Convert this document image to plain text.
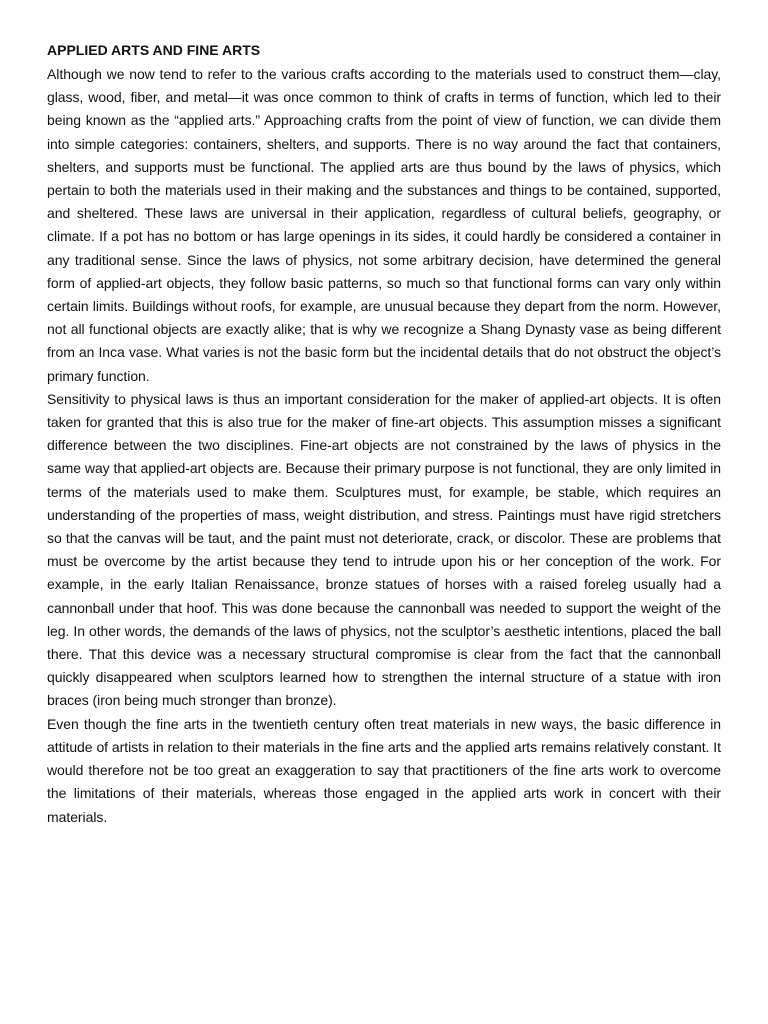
APPLIED ARTS AND FINE ARTS

Although we now tend to refer to the various crafts according to the materials used to construct them—clay, glass, wood, fiber, and metal—it was once common to think of crafts in terms of function, which led to their being known as the “applied arts.” Approaching crafts from the point of view of function, we can divide them into simple categories: containers, shelters, and supports. There is no way around the fact that containers, shelters, and supports must be functional. The applied arts are thus bound by the laws of physics, which pertain to both the materials used in their making and the substances and things to be contained, supported, and sheltered. These laws are universal in their application, regardless of cultural beliefs, geography, or climate. If a pot has no bottom or has large openings in its sides, it could hardly be considered a container in any traditional sense. Since the laws of physics, not some arbitrary decision, have determined the general form of applied-art objects, they follow basic patterns, so much so that functional forms can vary only within certain limits. Buildings without roofs, for example, are unusual because they depart from the norm. However, not all functional objects are exactly alike; that is why we recognize a Shang Dynasty vase as being different from an Inca vase. What varies is not the basic form but the incidental details that do not obstruct the object’s primary function.

Sensitivity to physical laws is thus an important consideration for the maker of applied-art objects. It is often taken for granted that this is also true for the maker of fine-art objects. This assumption misses a significant difference between the two disciplines. Fine-art objects are not constrained by the laws of physics in the same way that applied-art objects are. Because their primary purpose is not functional, they are only limited in terms of the materials used to make them. Sculptures must, for example, be stable, which requires an understanding of the properties of mass, weight distribution, and stress. Paintings must have rigid stretchers so that the canvas will be taut, and the paint must not deteriorate, crack, or discolor. These are problems that must be overcome by the artist because they tend to intrude upon his or her conception of the work. For example, in the early Italian Renaissance, bronze statues of horses with a raised foreleg usually had a cannonball under that hoof. This was done because the cannonball was needed to support the weight of the leg. In other words, the demands of the laws of physics, not the sculptor’s aesthetic intentions, placed the ball there. That this device was a necessary structural compromise is clear from the fact that the cannonball quickly disappeared when sculptors learned how to strengthen the internal structure of a statue with iron braces (iron being much stronger than bronze).

Even though the fine arts in the twentieth century often treat materials in new ways, the basic difference in attitude of artists in relation to their materials in the fine arts and the applied arts remains relatively constant. It would therefore not be too great an exaggeration to say that practitioners of the fine arts work to overcome the limitations of their materials, whereas those engaged in the applied arts work in concert with their materials.
